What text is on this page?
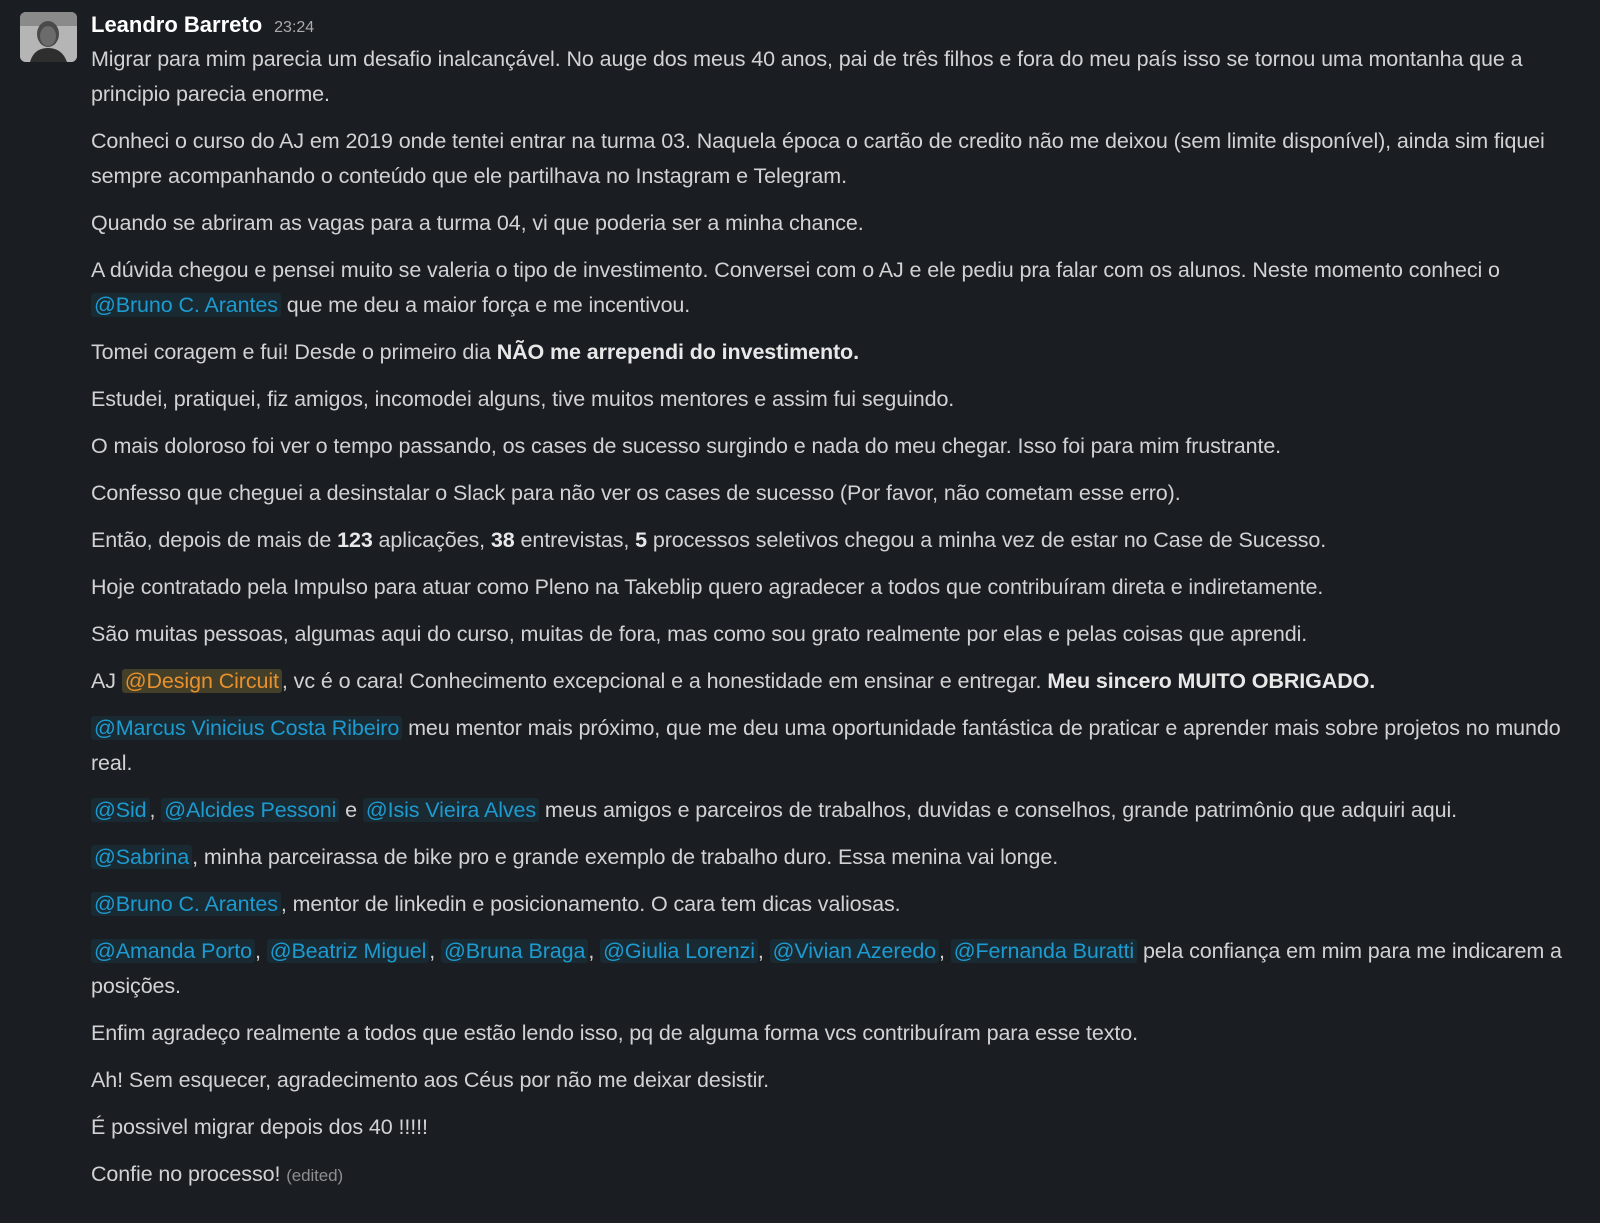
Leandro Barreto 23:24

Migrar para mim parecia um desafio inalcançável. No auge dos meus 40 anos, pai de três filhos e fora do meu país isso se tornou uma montanha que a principio parecia enorme.

Conheci o curso do AJ em 2019 onde tentei entrar na turma 03. Naquela época o cartão de credito não me deixou (sem limite disponível), ainda sim fiquei sempre acompanhando o conteúdo que ele partilhava no Instagram e Telegram.

Quando se abriram as vagas para a turma 04, vi que poderia ser a minha chance.

A dúvida chegou e pensei muito se valeria o tipo de investimento. Conversei com o AJ e ele pediu pra falar com os alunos. Neste momento conheci o @Bruno C. Arantes que me deu a maior força e me incentivou.

Tomei coragem e fui! Desde o primeiro dia NÃO me arrependi do investimento.

Estudei, pratiquei, fiz amigos, incomodei alguns, tive muitos mentores e assim fui seguindo.

O mais doloroso foi ver o tempo passando, os cases de sucesso surgindo e nada do meu chegar. Isso foi para mim frustrante.

Confesso que cheguei a desinstalar o Slack para não ver os cases de sucesso (Por favor, não cometam esse erro).

Então, depois de mais de 123 aplicações, 38 entrevistas, 5 processos seletivos chegou a minha vez de estar no Case de Sucesso.

Hoje contratado pela Impulso para atuar como Pleno na Takeblip quero agradecer a todos que contribuíram direta e indiretamente.

São muitas pessoas, algumas aqui do curso, muitas de fora, mas como sou grato realmente por elas e pelas coisas que aprendi.

AJ @Design Circuit , vc é o cara! Conhecimento excepcional e a honestidade em ensinar e entregar. Meu sincero MUITO OBRIGADO.

@Marcus Vinicius Costa Ribeiro meu mentor mais próximo, que me deu uma oportunidade fantástica de praticar e aprender mais sobre projetos no mundo real.

@Sid , @Alcides Pessoni e @Isis Vieira Alves meus amigos e parceiros de trabalhos, duvidas e conselhos, grande patrimônio que adquiri aqui.

@Sabrina , minha parceirassa de bike pro e grande exemplo de trabalho duro. Essa menina vai longe.

@Bruno C. Arantes , mentor de linkedin e posicionamento. O cara tem dicas valiosas.

@Amanda Porto , @Beatriz Miguel , @Bruna Braga , @Giulia Lorenzi , @Vivian Azeredo , @Fernanda Buratti pela confiança em mim para me indicarem a posições.

Enfim agradeço realmente a todos que estão lendo isso, pq de alguma forma vcs contribuíram para esse texto.

Ah! Sem esquecer, agradecimento aos Céus por não me deixar desistir.

É possivel migrar depois dos 40 !!!!!

Confie no processo! (edited)
